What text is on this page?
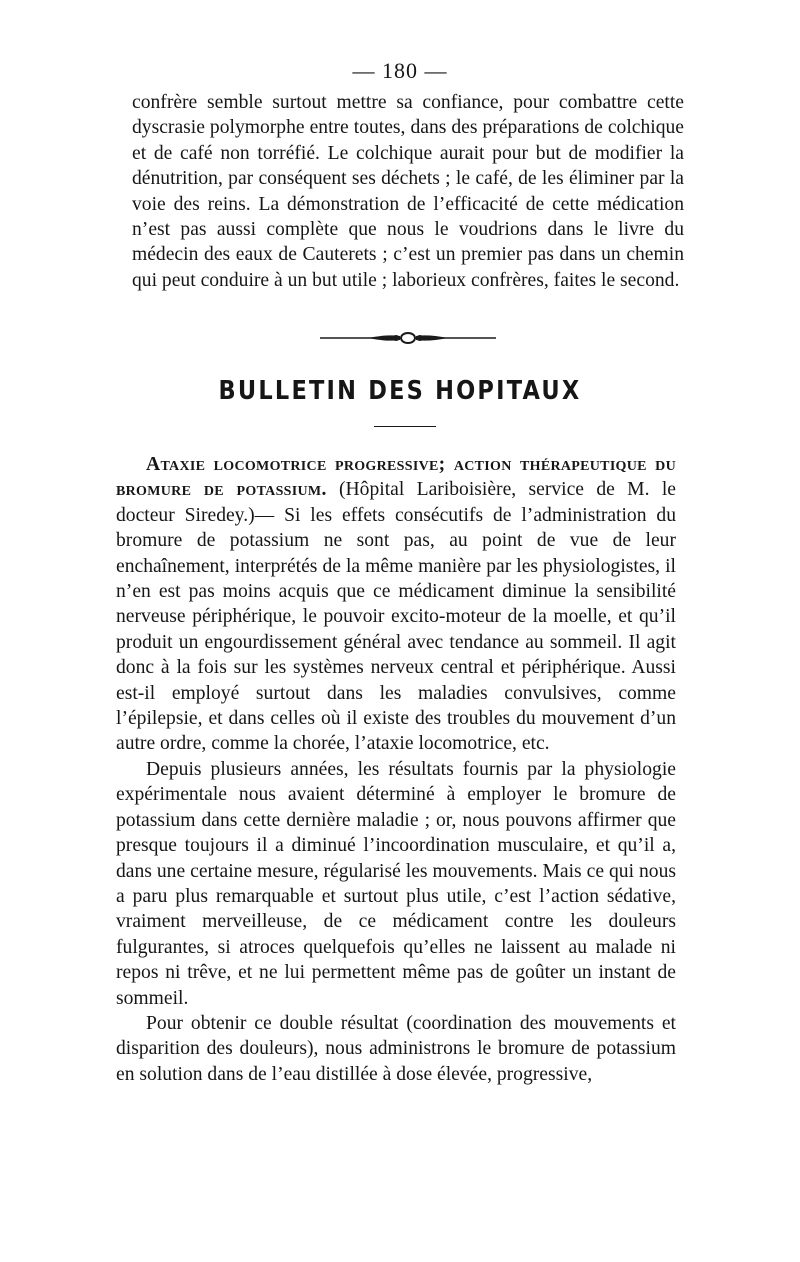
— 180 —

confrère semble surtout mettre sa confiance, pour combattre cette dyscrasie polymorphe entre toutes, dans des préparations de colchique et de café non torréfié. Le colchique aurait pour but de modifier la dénutrition, par conséquent ses déchets ; le café, de les éliminer par la voie des reins. La démonstration de l’efficacité de cette médication n’est pas aussi complète que nous le voudrions dans le livre du médecin des eaux de Cauterets ; c’est un premier pas dans un chemin qui peut conduire à un but utile ; laborieux confrères, faites le second.

BULLETIN DES HOPITAUX

Ataxie locomotrice progressive; action thérapeutique du bromure de potassium. (Hôpital Lariboisière, service de M. le docteur Siredey.)— Si les effets consécutifs de l’administration du bromure de potassium ne sont pas, au point de vue de leur enchaînement, interprétés de la même manière par les physiologistes, il n’en est pas moins acquis que ce médicament diminue la sensibilité nerveuse périphérique, le pouvoir excito-moteur de la moelle, et qu’il produit un engourdissement général avec tendance au sommeil. Il agit donc à la fois sur les systèmes nerveux central et périphérique. Aussi est-il employé surtout dans les maladies convulsives, comme l’épilepsie, et dans celles où il existe des troubles du mouvement d’un autre ordre, comme la chorée, l’ataxie locomotrice, etc.

Depuis plusieurs années, les résultats fournis par la physiologie expérimentale nous avaient déterminé à employer le bromure de potassium dans cette dernière maladie ; or, nous pouvons affirmer que presque toujours il a diminué l’incoordination musculaire, et qu’il a, dans une certaine mesure, régularisé les mouvements. Mais ce qui nous a paru plus remarquable et surtout plus utile, c’est l’action sédative, vraiment merveilleuse, de ce médicament contre les douleurs fulgurantes, si atroces quelquefois qu’elles ne laissent au malade ni repos ni trêve, et ne lui permettent même pas de goûter un instant de sommeil.

Pour obtenir ce double résultat (coordination des mouvements et disparition des douleurs), nous administrons le bromure de potassium en solution dans de l’eau distillée à dose élevée, progressive,
